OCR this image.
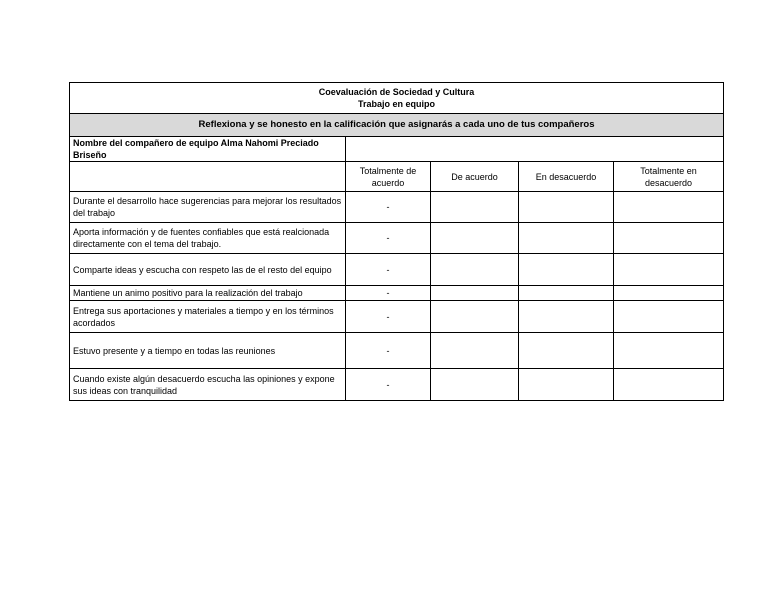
Coevaluación de Sociedad y Cultura
Trabajo en equipo				

Reflexiona y se honesto en la calificación que asignarás a cada uno de tus compañeros				
Nombre del compañero de equipo Alma Nahomi Preciado Briseño				
	Totalmente de acuerdo	De acuerdo	En desacuerdo	Totalmente en desacuerdo
Durante el desarrollo hace sugerencias para mejorar los resultados del trabajo	-			
Aporta información y de fuentes confiables que está realcionada directamente con el tema del trabajo.	-			
Comparte ideas y escucha con respeto las de el resto del equipo	-			
Mantiene un animo positivo para la realización del trabajo	-			
Entrega sus aportaciones y materiales a tiempo y en los términos acordados	-			
Estuvo presente y a tiempo en todas las reuniones	-			
Cuando existe algún desacuerdo escucha las opiniones y expone sus ideas con tranquilidad	-			
